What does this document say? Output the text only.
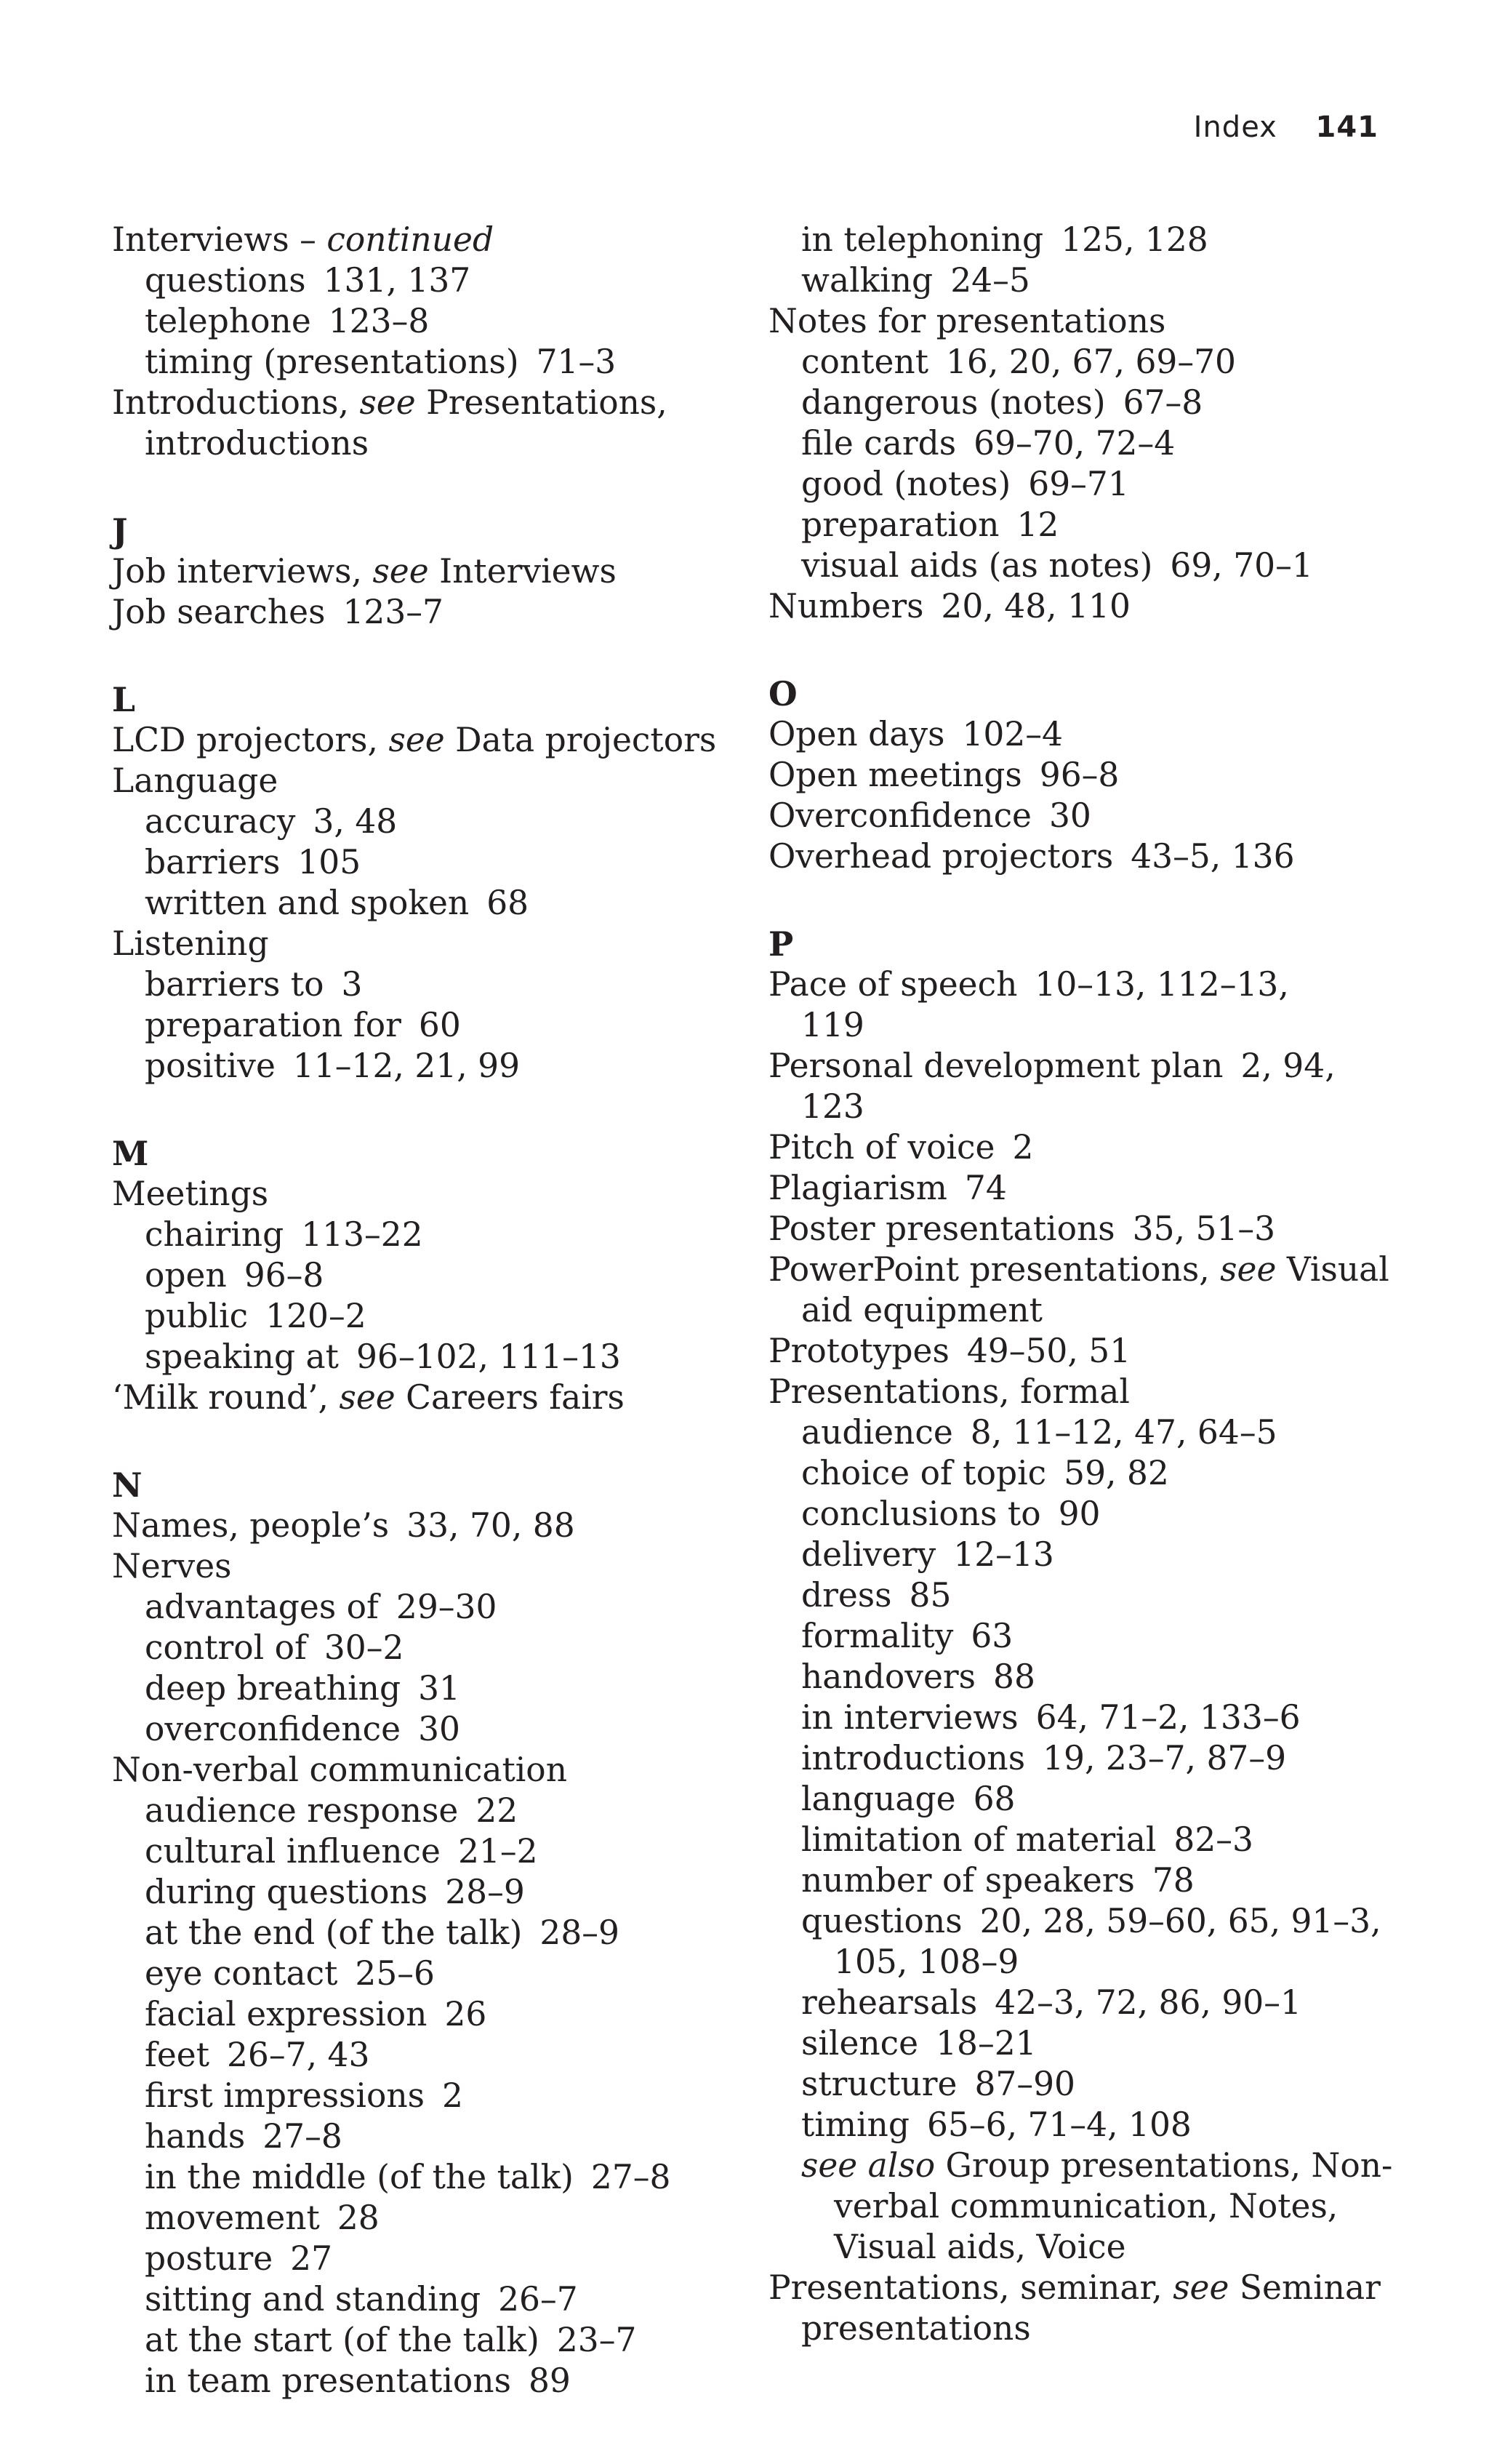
Index 141
Interviews – continued
questions 131, 137
telephone 123–8
timing (presentations) 71–3
Introductions, see Presentations,
introductions
J
Job interviews, see Interviews
Job searches 123–7
L
LCD projectors, see Data projectors
Language
accuracy 3, 48
barriers 105
written and spoken 68
Listening
barriers to 3
preparation for 60
positive 11–12, 21, 99
M
Meetings
chairing 113–22
open 96–8
public 120–2
speaking at 96–102, 111–13
‘Milk round’, see Careers fairs
N
Names, people’s 33, 70, 88
Nerves
advantages of 29–30
control of 30–2
deep breathing 31
overconfidence 30
Non-verbal communication
audience response 22
cultural influence 21–2
during questions 28–9
at the end (of the talk) 28–9
eye contact 25–6
facial expression 26
feet 26–7, 43
first impressions 2
hands 27–8
in the middle (of the talk) 27–8
movement 28
posture 27
sitting and standing 26–7
at the start (of the talk) 23–7
in team presentations 89
in telephoning 125, 128
walking 24–5
Notes for presentations
content 16, 20, 67, 69–70
dangerous (notes) 67–8
file cards 69–70, 72–4
good (notes) 69–71
preparation 12
visual aids (as notes) 69, 70–1
Numbers 20, 48, 110
O
Open days 102–4
Open meetings 96–8
Overconfidence 30
Overhead projectors 43–5, 136
P
Pace of speech 10–13, 112–13,
119
Personal development plan 2, 94,
123
Pitch of voice 2
Plagiarism 74
Poster presentations 35, 51–3
PowerPoint presentations, see Visual
aid equipment
Prototypes 49–50, 51
Presentations, formal
audience 8, 11–12, 47, 64–5
choice of topic 59, 82
conclusions to 90
delivery 12–13
dress 85
formality 63
handovers 88
in interviews 64, 71–2, 133–6
introductions 19, 23–7, 87–9
language 68
limitation of material 82–3
number of speakers 78
questions 20, 28, 59–60, 65, 91–3,
105, 108–9
rehearsals 42–3, 72, 86, 90–1
silence 18–21
structure 87–90
timing 65–6, 71–4, 108
see also Group presentations, Non-
verbal communication, Notes,
Visual aids, Voice
Presentations, seminar, see Seminar
presentations
